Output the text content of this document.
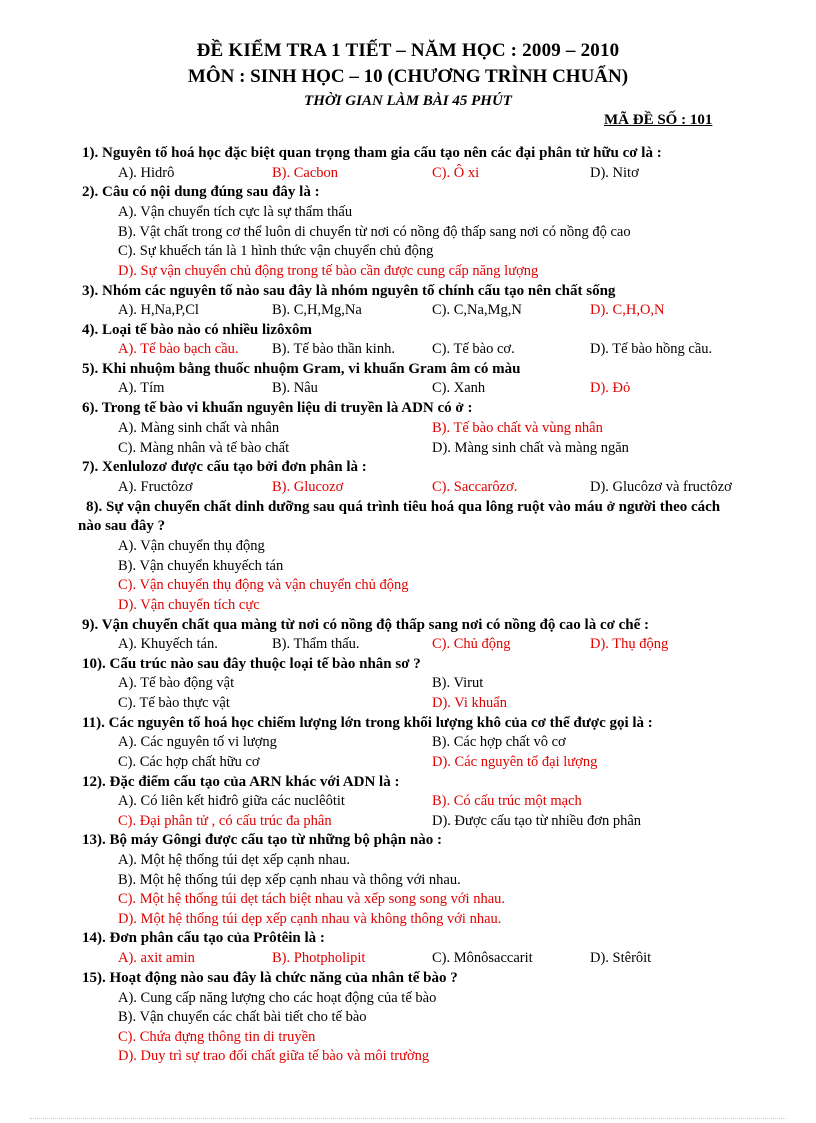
ĐỀ KIỂM TRA 1 TIẾT – NĂM HỌC : 2009 – 2010
MÔN : SINH HỌC – 10 (CHƯƠNG TRÌNH CHUẨN)
THỜI GIAN LÀM BÀI 45 PHÚT
MÃ ĐỀ SỐ : 101
1). Nguyên tố hoá học đặc biệt quan trọng tham gia cấu tạo nên các đại phân tử hữu cơ là :
A). Hidrô	B). Cacbon	C). Ô xi	D). Nitơ
2). Câu có nội dung đúng sau đây là :
A). Vận chuyển tích cực là sự thẩm thấu
B). Vật chất trong cơ thể luôn di chuyển từ nơi có nồng độ thấp sang nơi có nồng độ cao
C). Sự khuếch tán là 1 hình thức vận chuyển chủ động
D). Sự vận chuyển chủ động trong tế bào cần được cung cấp năng lượng
3). Nhóm các nguyên tố nào sau đây là nhóm nguyên tố chính cấu tạo nên chất sống
A). H,Na,P,Cl	B). C,H,Mg,Na	C). C,Na,Mg,N	D). C,H,O,N
4). Loại tế bào nào có nhiều lizôxôm
A). Tế bào bạch cầu. B). Tế bào thần kinh.	C). Tế bào cơ.	D). Tế bào hồng cầu.
5). Khi nhuộm bằng thuốc nhuộm Gram, vi khuẩn Gram âm có màu
A). Tím	B). Nâu	C). Xanh	D). Đỏ
6). Trong tế bào vi khuẩn nguyên liệu di truyền là ADN có ở :
A). Màng sinh chất và nhân	B). Tế bào chất và vùng nhân
C). Màng nhân và tế bào chất	D). Màng sinh chất và màng ngăn
7). Xenlulozơ được cấu tạo bởi đơn phân là :
A). Fructôzơ	B). Glucozơ	C). Saccarôzơ.	D). Glucôzơ và fructôzơ
8). Sự vận chuyển chất dinh dưỡng sau quá trình tiêu hoá qua lông ruột vào máu ở người theo cách nào sau đây ?
A). Vận chuyển thụ động
B). Vận chuyển khuyếch tán
C). Vận chuyển thụ động và vận chuyển chủ động
D). Vận chuyển tích cực
9). Vận chuyển chất qua màng từ nơi có nồng độ thấp sang nơi có nồng độ cao là cơ chế :
A). Khuyếch tán.	B). Thẩm thấu.	C). Chủ động	D). Thụ động
10). Cấu trúc nào sau đây thuộc loại tế bào nhân sơ ?
A). Tế bào động vật	B). Virut
C). Tế bào thực vật	D). Vi khuẩn
11). Các nguyên tố hoá học chiếm lượng lớn trong khối lượng khô của cơ thể được gọi là :
A). Các nguyên tố vi lượng	B). Các hợp chất vô cơ
C). Các hợp chất hữu cơ	D). Các nguyên tố đại lượng
12). Đặc điểm cấu tạo của ARN khác với ADN là :
A). Có liên kết hiđrô giữa các nuclêôtit	B). Có cấu trúc một mạch
C). Đại phân tử , có cấu trúc đa phân	D). Được cấu tạo từ nhiều đơn phân
13). Bộ máy Gôngi được cấu tạo từ những bộ phận nào :
A). Một hệ thống túi dẹt xếp cạnh nhau.
B). Một hệ thống túi dẹp xếp cạnh nhau và thông với nhau.
C). Một hệ thống túi dẹt tách biệt nhau và xếp song song với nhau.
D). Một hệ thống túi dẹp xếp cạnh nhau và không thông với nhau.
14). Đơn phân cấu tạo của Prôtêin là :
A). axit amin	B). Photpholipit	C). Mônôsaccarit	D). Stêrôit
15). Hoạt động nào sau đây là chức năng của nhân tế bào ?
A). Cung cấp năng lượng cho các hoạt động của tế bào
B). Vận chuyển các chất bài tiết cho tế bào
C). Chứa đựng thông tin di truyền
D). Duy trì sự trao đổi chất giữa tế bào và môi trường
